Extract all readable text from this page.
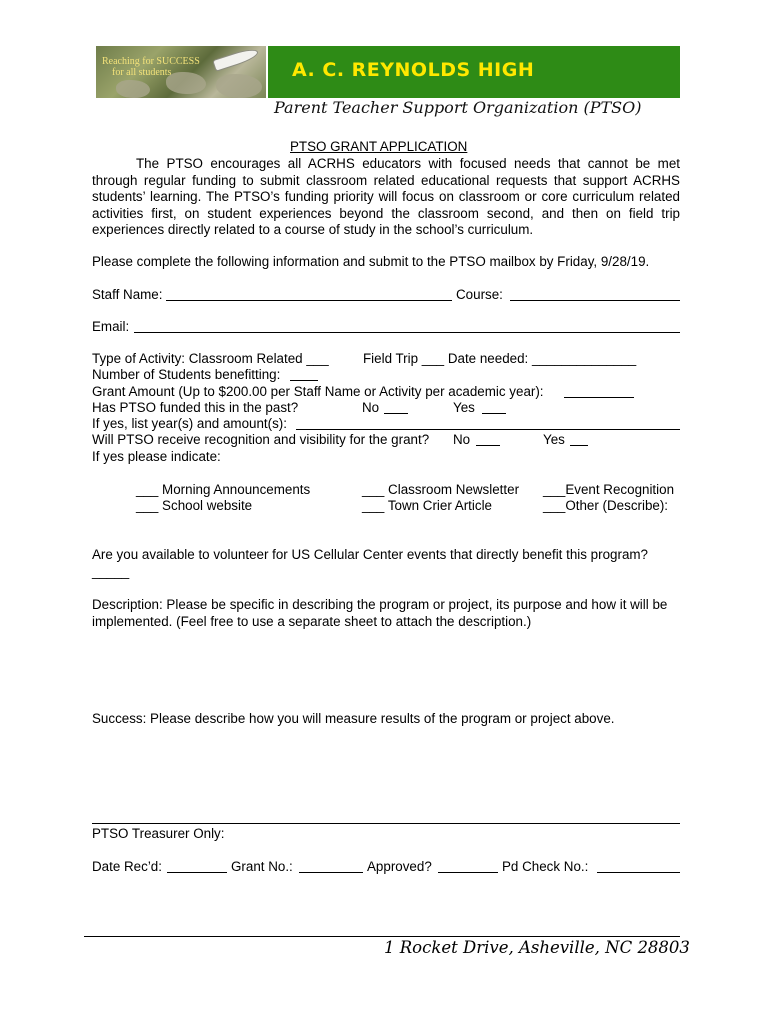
Reaching for SUCCESS
for all students	A. C. REYNOLDS HIGH
Parent Teacher Support Organization (PTSO)
PTSO GRANT APPLICATION
The PTSO encourages all ACRHS educators with focused needs that cannot be met through regular funding to submit classroom related educational requests that support ACRHS students’ learning. The PTSO’s funding priority will focus on classroom or core curriculum related activities first, on student experiences beyond the classroom second, and then on field trip experiences directly related to a course of study in the school’s curriculum.
Please complete the following information and submit to the PTSO mailbox by Friday, 9/28/19.
Staff Name:	Course:
Email:
Type of Activity: Classroom Related ___	Field Trip ___ Date needed: ______________
Number of Students benefitting:
Grant Amount (Up to $200.00 per Staff Name or Activity per academic year):
Has PTSO funded this in the past?	No	Yes
If yes, list year(s) and amount(s):
Will PTSO receive recognition and visibility for the grant? No	Yes
If yes please indicate:
___ Morning Announcements	___ Classroom Newsletter ___Event Recognition
___ School website	___ Town Crier Article	___Other (Describe):
Are you available to volunteer for US Cellular Center events that directly benefit this program?
_____
Description: Please be specific in describing the program or project, its purpose and how it will be implemented. (Feel free to use a separate sheet to attach the description.)
Success: Please describe how you will measure results of the program or project above.
PTSO Treasurer Only:
Date Rec’d:	Grant No.:	Approved?	Pd Check No.:
1 Rocket Drive, Asheville, NC 28803
